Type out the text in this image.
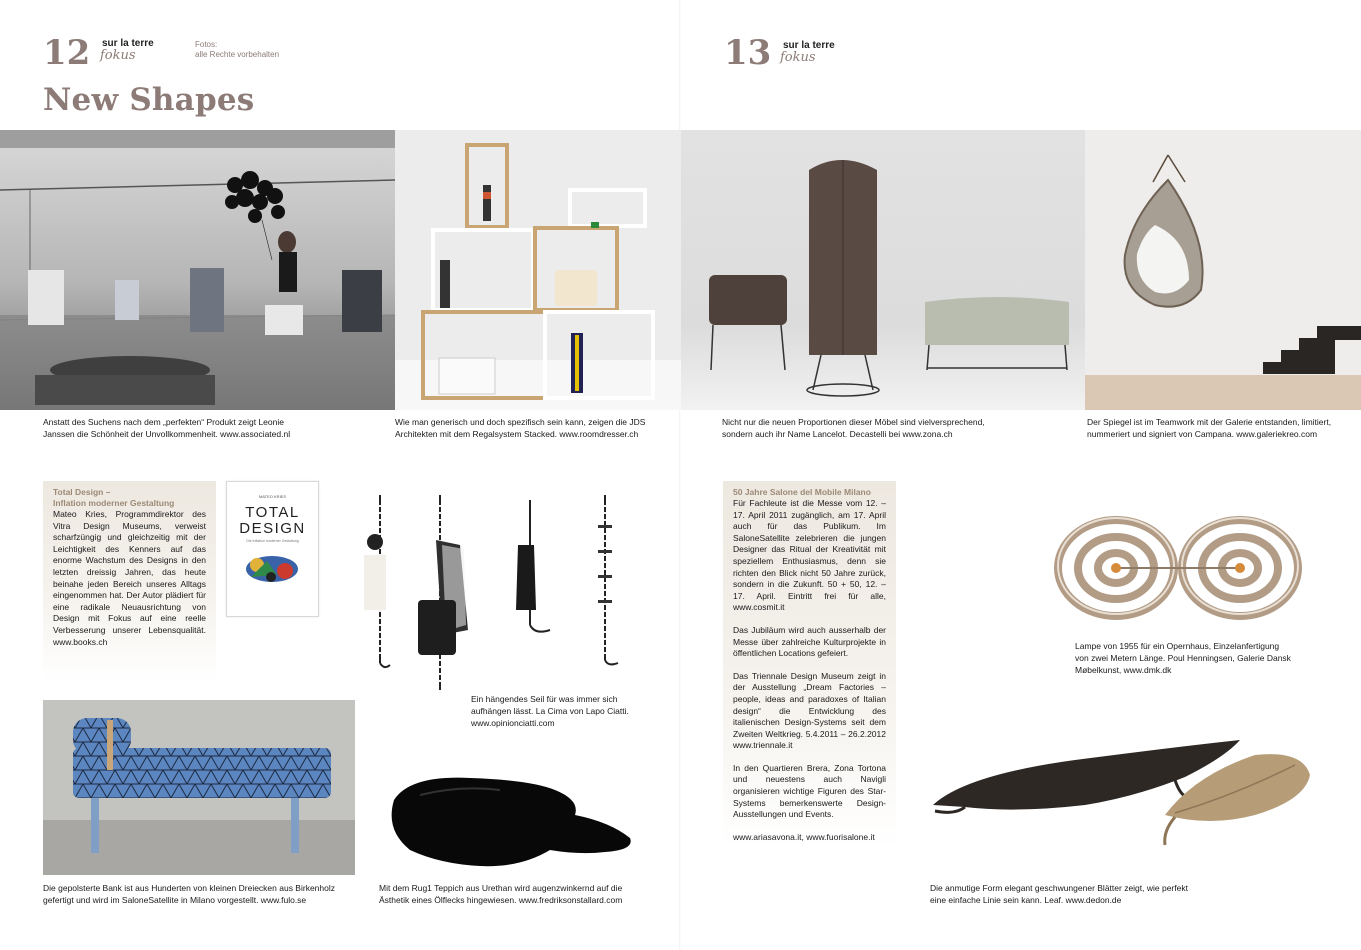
12 sur la terre
fokus
Fotos:
alle Rechte vorbehalten
New Shapes
13 sur la terre
fokus
Anstatt des Suchens nach dem „perfekten“ Produkt zeigt Leonie
Janssen die Schönheit der Unvollkommenheit. www.associated.nl
Wie man generisch und doch spezifisch sein kann, zeigen die JDS
Architekten mit dem Regalsystem Stacked. www.roomdresser.ch
Nicht nur die neuen Proportionen dieser Möbel sind vielversprechend,
sondern auch ihr Name Lancelot. Decastelli bei www.zona.ch
Der Spiegel ist im Teamwork mit der Galerie entstanden, limitiert,
nummeriert und signiert von Campana. www.galeriekreo.com
Total Design –
Inflation moderner Gestaltung
Mateo Kries, Programmdirektor des Vitra Design Museums, verweist scharfzüngig und gleichzeitig mit der Leichtigkeit des Kenners auf das enorme Wachstum des Designs in den letzten dreissig Jahren, das heute beinahe jeden Bereich unseres Alltags eingenommen hat. Der Autor plädiert für eine radikale Neuausrichtung von Design mit Fokus auf eine reelle Verbesserung unserer Lebensqualität. www.books.ch
MATEO KRIES
TOTAL
DESIGN
Die Inflation moderner Gestaltung
Ein hängendes Seil für was immer sich
aufhängen lässt. La Cima von Lapo Ciatti.
www.opinionciatti.com
Die gepolsterte Bank ist aus Hunderten von kleinen Dreiecken aus Birkenholz
gefertigt und wird im SaloneSatellite in Milano vorgestellt. www.fulo.se
Mit dem Rug1 Teppich aus Urethan wird augenzwinkernd auf die
Ästhetik eines Ölflecks hingewiesen. www.fredriksonstallard.com
50 Jahre Salone del Mobile Milano
Für Fachleute ist die Messe vom 12. – 17. April 2011 zugänglich, am 17. April auch für das Publikum. Im SaloneSatellite zelebrieren die jungen Designer das Ritual der Kreativität mit speziellem Enthusiasmus, denn sie richten den Blick nicht 50 Jahre zurück, sondern in die Zukunft. 50 + 50, 12. – 17. April. Eintritt frei für alle, www.cosmit.it
Das Jubiläum wird auch ausserhalb der Messe über zahlreiche Kulturprojekte in öffentlichen Locations gefeiert.
Das Triennale Design Museum zeigt in der Ausstellung „Dream Factories – people, ideas and paradoxes of Italian design“ die Entwicklung des italienischen Design-Systems seit dem Zweiten Weltkrieg. 5.4.2011 – 26.2.2012 www.triennale.it
In den Quartieren Brera, Zona Tortona und neuestens auch Navigli organisieren wichtige Figuren des Star-Systems bemerkenswerte Design-Ausstellungen und Events.
www.ariasavona.it, www.fuorisalone.it
Lampe von 1955 für ein Opernhaus, Einzelanfertigung
von zwei Metern Länge. Poul Henningsen, Galerie Dansk
Møbelkunst, www.dmk.dk
Die anmutige Form elegant geschwungener Blätter zeigt, wie perfekt
eine einfache Linie sein kann. Leaf. www.dedon.de
